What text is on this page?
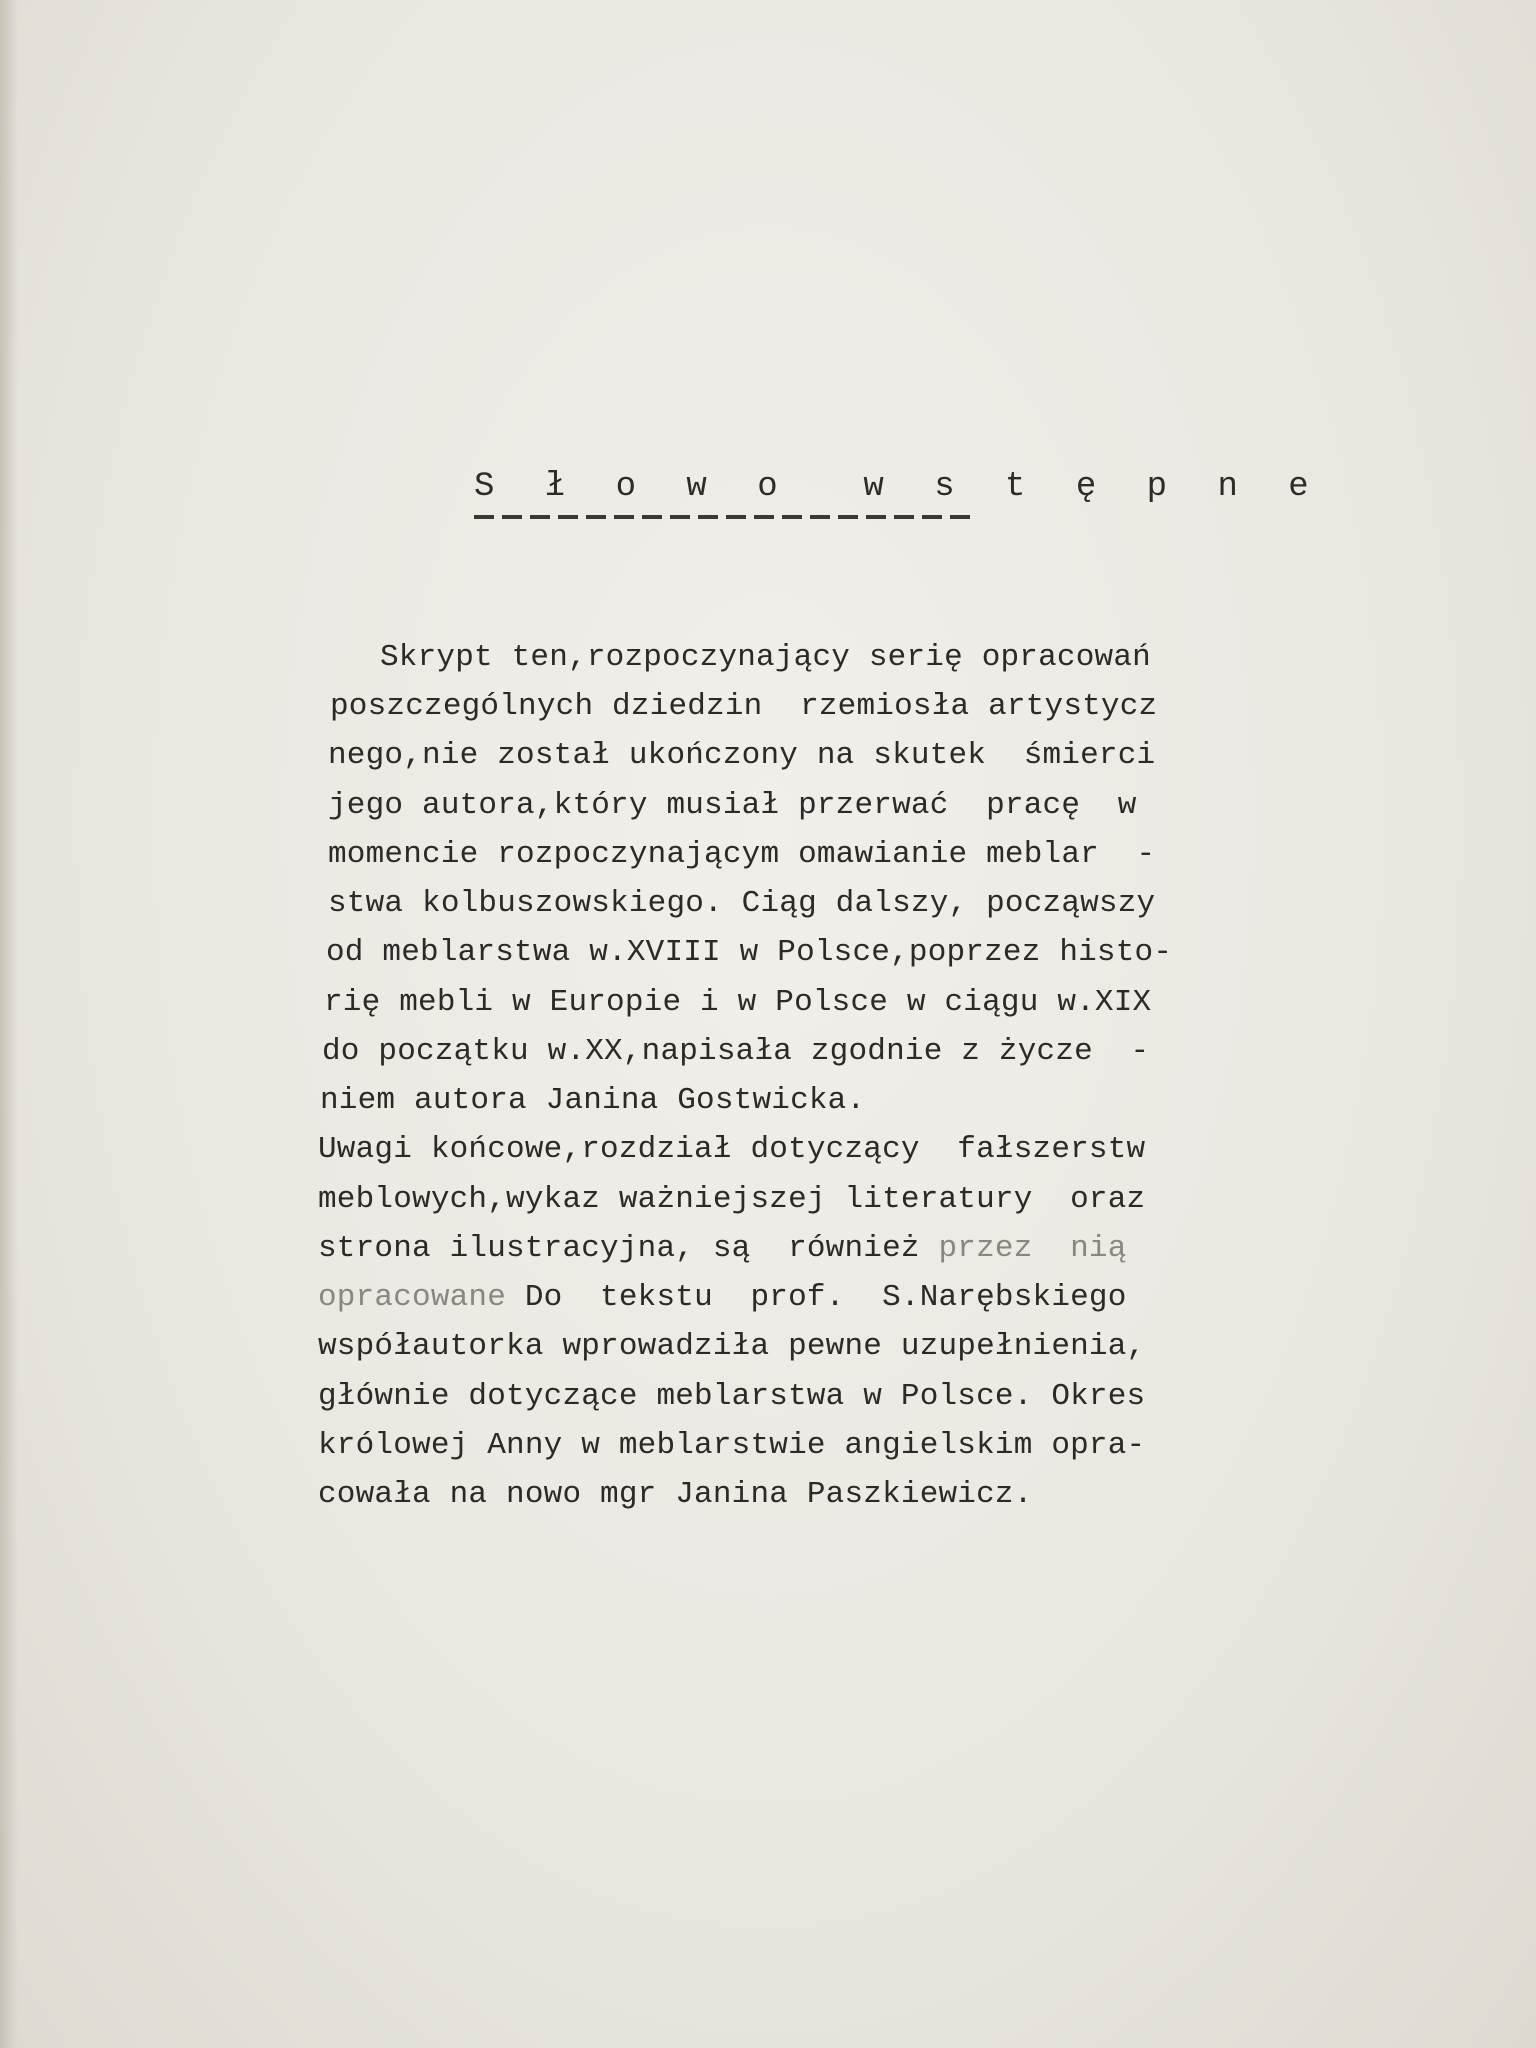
S ł o w o  w s t ę p n e
Skrypt ten,rozpoczynający serię opracowań
poszczególnych dziedzin  rzemiosła artystycz
nego,nie został ukończony na skutek  śmierci
jego autora,który musiał przerwać  pracę  w
momencie rozpoczynającym omawianie meblar  -
stwa kolbuszowskiego. Ciąg dalszy, począwszy
od meblarstwa w.XVIII w Polsce,poprzez histo-
rię mebli w Europie i w Polsce w ciągu w.XIX
do początku w.XX,napisała zgodnie z życze  -
niem autora Janina Gostwicka.
Uwagi końcowe,rozdział dotyczący  fałszerstw
meblowych,wykaz ważniejszej literatury  oraz
strona ilustracyjna, są  również przez  nią
opracowane Do  tekstu  prof.  S.Narębskiego
współautorka wprowadziła pewne uzupełnienia,
głównie dotyczące meblarstwa w Polsce. Okres
królowej Anny w meblarstwie angielskim opra-
cowała na nowo mgr Janina Paszkiewicz.
